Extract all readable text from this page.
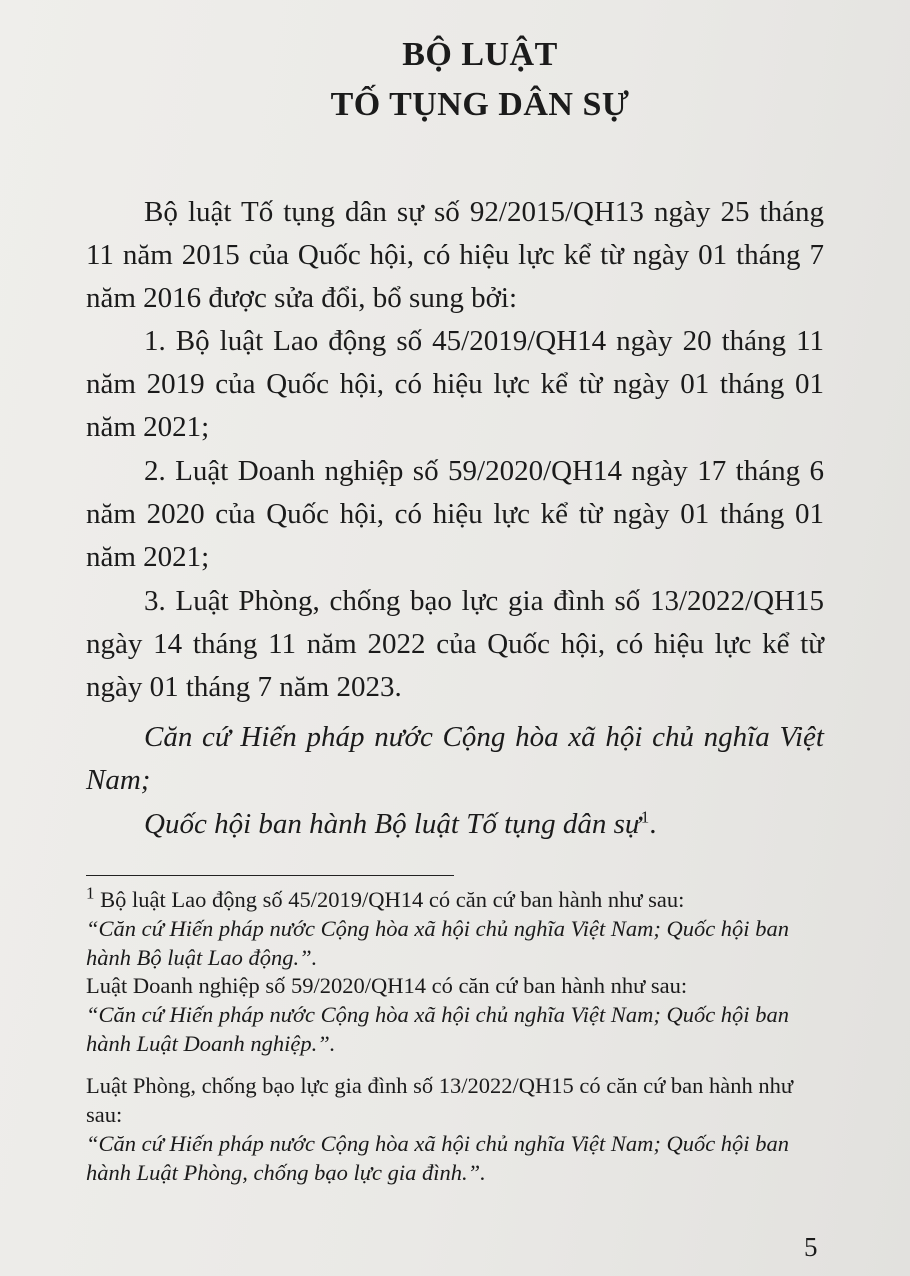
BỘ LUẬT
TỐ TỤNG DÂN SỰ
Bộ luật Tố tụng dân sự số 92/2015/QH13 ngày 25 tháng 11 năm 2015 của Quốc hội, có hiệu lực kể từ ngày 01 tháng 7 năm 2016 được sửa đổi, bổ sung bởi:
1. Bộ luật Lao động số 45/2019/QH14 ngày 20 tháng 11 năm 2019 của Quốc hội, có hiệu lực kể từ ngày 01 tháng 01 năm 2021;
2. Luật Doanh nghiệp số 59/2020/QH14 ngày 17 tháng 6 năm 2020 của Quốc hội, có hiệu lực kể từ ngày 01 tháng 01 năm 2021;
3. Luật Phòng, chống bạo lực gia đình số 13/2022/QH15 ngày 14 tháng 11 năm 2022 của Quốc hội, có hiệu lực kể từ ngày 01 tháng 7 năm 2023.
Căn cứ Hiến pháp nước Cộng hòa xã hội chủ nghĩa Việt Nam;
Quốc hội ban hành Bộ luật Tố tụng dân sự$^1$.
$^1$ Bộ luật Lao động số 45/2019/QH14 có căn cứ ban hành như sau:
“Căn cứ Hiến pháp nước Cộng hòa xã hội chủ nghĩa Việt Nam; Quốc hội ban hành Bộ luật Lao động.”.
Luật Doanh nghiệp số 59/2020/QH14 có căn cứ ban hành như sau:
“Căn cứ Hiến pháp nước Cộng hòa xã hội chủ nghĩa Việt Nam; Quốc hội ban hành Luật Doanh nghiệp.”.
Luật Phòng, chống bạo lực gia đình số 13/2022/QH15 có căn cứ ban hành như sau:
“Căn cứ Hiến pháp nước Cộng hòa xã hội chủ nghĩa Việt Nam; Quốc hội ban hành Luật Phòng, chống bạo lực gia đình.”.
5
